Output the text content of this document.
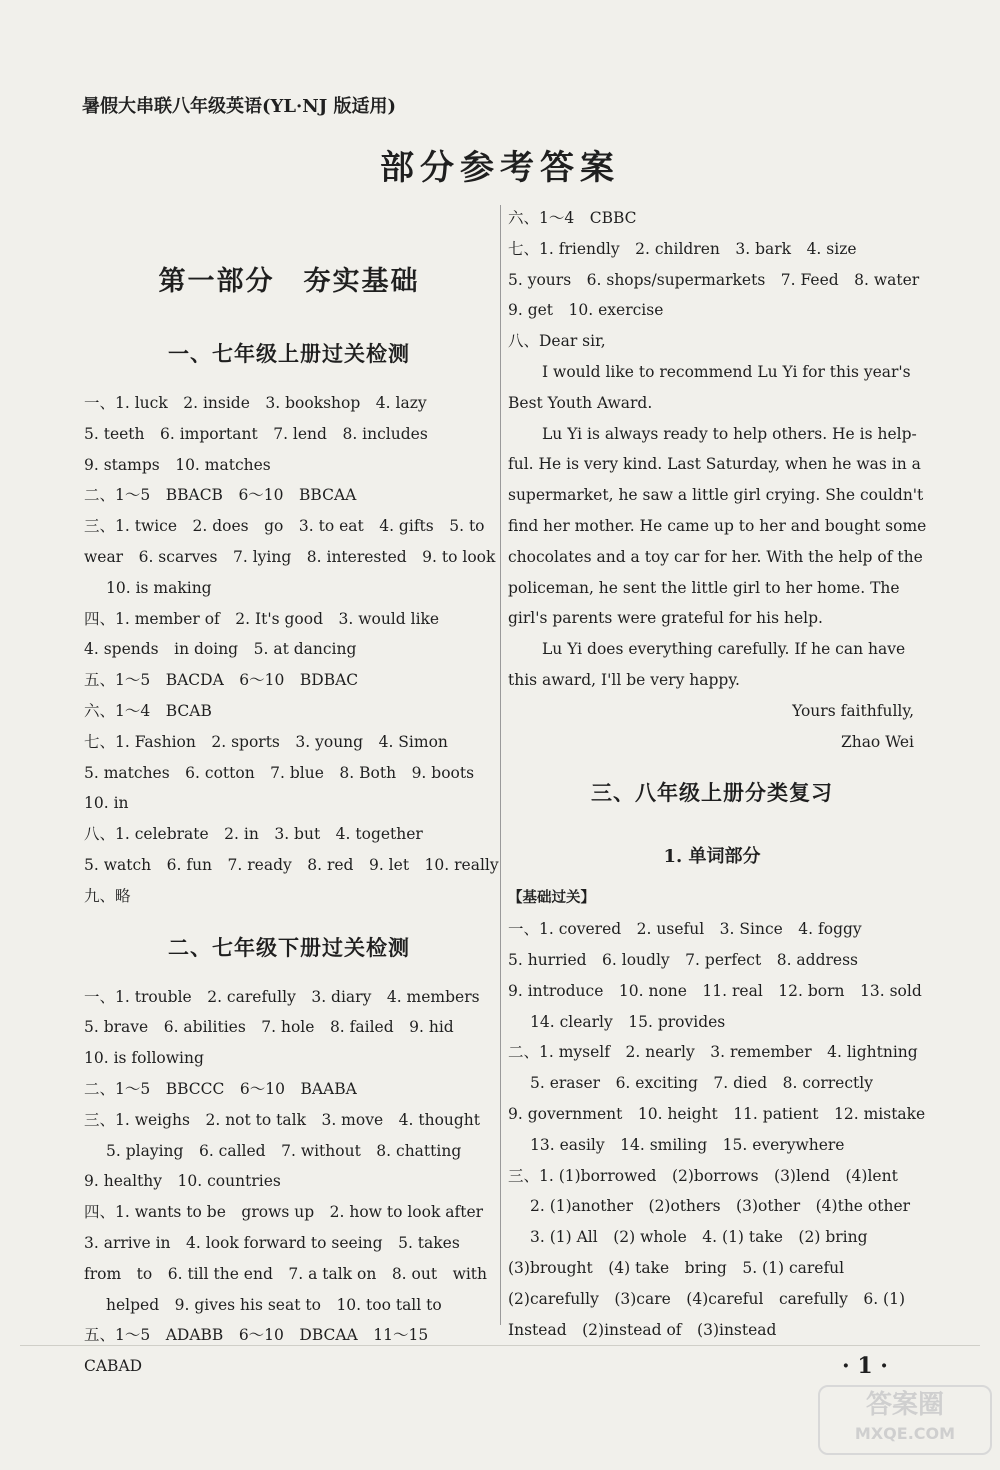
暑假大串联八年级英语(YL·NJ 版适用)
部分参考答案
第一部分　夯实基础
一、七年级上册过关检测
一、1. luck　2. inside　3. bookshop　4. lazy
5. teeth　6. important　7. lend　8. includes
9. stamps　10. matches
二、1～5　BBACB　6～10　BBCAA
三、1. twice　2. does　go　3. to eat　4. gifts　5. to
wear　6. scarves　7. lying　8. interested　9. to look
10. is making
四、1. member of　2. It's good　3. would like
4. spends　in doing　5. at dancing
五、1～5　BACDA　6～10　BDBAC
六、1～4　BCAB
七、1. Fashion　2. sports　3. young　4. Simon
5. matches　6. cotton　7. blue　8. Both　9. boots
10. in
八、1. celebrate　2. in　3. but　4. together
5. watch　6. fun　7. ready　8. red　9. let　10. really
九、略
二、七年级下册过关检测
一、1. trouble　2. carefully　3. diary　4. members
5. brave　6. abilities　7. hole　8. failed　9. hid
10. is following
二、1～5　BBCCC　6～10　BAABA
三、1. weighs　2. not to talk　3. move　4. thought
5. playing　6. called　7. without　8. chatting
9. healthy　10. countries
四、1. wants to be　grows up　2. how to look after
3. arrive in　4. look forward to seeing　5. takes
from　to　6. till the end　7. a talk on　8. out　with
helped　9. gives his seat to　10. too tall to
五、1～5　ADABB　6～10　DBCAA　11～15
CABAD
六、1～4　CBBC
七、1. friendly　2. children　3. bark　4. size
5. yours　6. shops/supermarkets　7. Feed　8. water
9. get　10. exercise
八、Dear sir,
I would like to recommend Lu Yi for this year's
Best Youth Award.
Lu Yi is always ready to help others. He is help-
ful. He is very kind. Last Saturday, when he was in a
supermarket, he saw a little girl crying. She couldn't
find her mother. He came up to her and bought some
chocolates and a toy car for her. With the help of the
policeman, he sent the little girl to her home. The
girl's parents were grateful for his help.
Lu Yi does everything carefully. If he can have
this award, I'll be very happy.
Yours faithfully,
Zhao Wei
三、八年级上册分类复习
1. 单词部分
【基础过关】
一、1. covered　2. useful　3. Since　4. foggy
5. hurried　6. loudly　7. perfect　8. address
9. introduce　10. none　11. real　12. born　13. sold
14. clearly　15. provides
二、1. myself　2. nearly　3. remember　4. lightning
5. eraser　6. exciting　7. died　8. correctly
9. government　10. height　11. patient　12. mistake
13. easily　14. smiling　15. everywhere
三、1. (1)borrowed　(2)borrows　(3)lend　(4)lent
2. (1)another　(2)others　(3)other　(4)the other
3. (1) All　(2) whole　4. (1) take　(2) bring
(3)brought　(4) take　bring　5. (1) careful
(2)carefully　(3)care　(4)careful　carefully　6. (1)
Instead　(2)instead of　(3)instead
· 1 ·
答案圈
MXQE.COM
